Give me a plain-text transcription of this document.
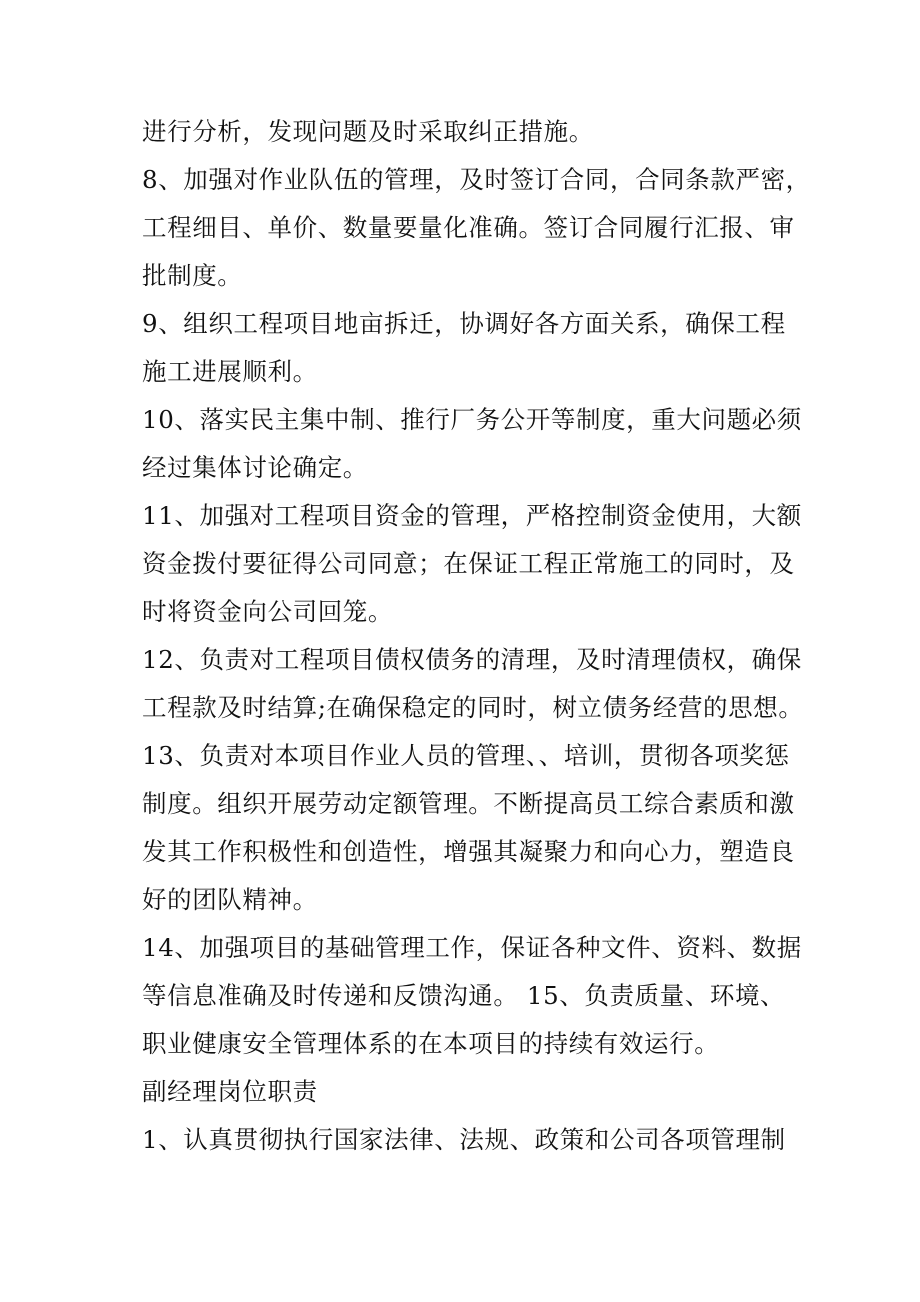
进行分析，发现问题及时采取纠正措施。
8、加强对作业队伍的管理，及时签订合同，合同条款严密，
工程细目、单价、数量要量化准确。签订合同履行汇报、审
批制度。
9、组织工程项目地亩拆迁，协调好各方面关系，确保工程
施工进展顺利。
10、落实民主集中制、推行厂务公开等制度，重大问题必须
经过集体讨论确定。
11、加强对工程项目资金的管理，严格控制资金使用，大额
资金拨付要征得公司同意；在保证工程正常施工的同时，及
时将资金向公司回笼。
12、负责对工程项目债权债务的清理，及时清理债权，确保
工程款及时结算;在确保稳定的同时，树立债务经营的思想。
13、负责对本项目作业人员的管理、、培训，贯彻各项奖惩
制度。组织开展劳动定额管理。不断提高员工综合素质和激
发其工作积极性和创造性，增强其凝聚力和向心力，塑造良
好的团队精神。
14、加强项目的基础管理工作，保证各种文件、资料、数据
等信息准确及时传递和反馈沟通。 15、负责质量、环境、
职业健康安全管理体系的在本项目的持续有效运行。
副经理岗位职责
1、认真贯彻执行国家法律、法规、政策和公司各项管理制
